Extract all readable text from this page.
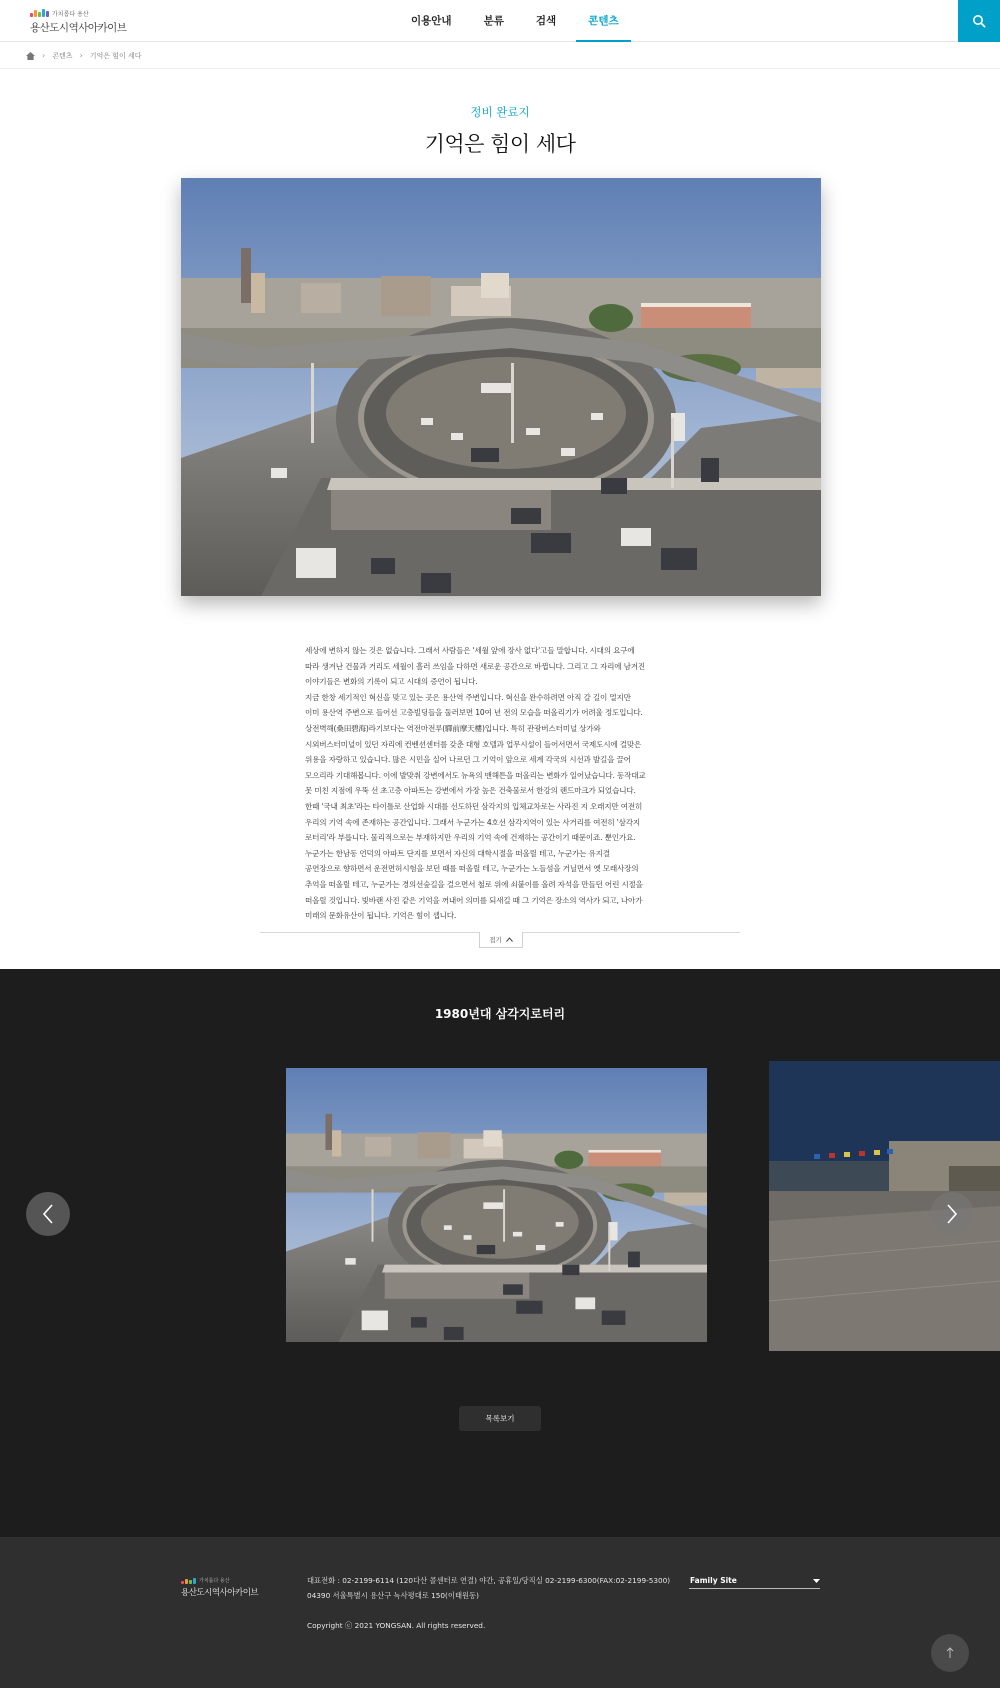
가치롭다 용산
용산도시역사아카이브
이용안내	분류	검색	콘텐츠
› 콘텐츠 › 기억은 힘이 세다
정비 완료지
기억은 힘이 세다
세상에 변하지 않는 것은 없습니다. 그래서 사람들은 '세월 앞에 장사 없다'고들 말합니다. 시대의 요구에
따라 생겨난 건물과 거리도 세월이 흘러 쓰임을 다하면 새로운 공간으로 바뀝니다. 그리고 그 자리에 남겨진
이야기들은 변화의 기록이 되고 시대의 증언이 됩니다.
지금 한창 세기적인 혁신을 맞고 있는 곳은 용산역 주변입니다. 혁신을 완수하려면 아직 갈 길이 멀지만
이미 용산역 주변으로 들어선 고층빌딩들을 둘러보면 10여 년 전의 모습을 떠올리기가 어려울 정도입니다.
상전벽해(桑田碧海)라기보다는 역전마전루(驛前摩天樓)입니다. 특히 관광버스터미널 상가와
시외버스터미널이 있던 자리에 컨벤션센터를 갖춘 대형 호텔과 업무시설이 들어서면서 국제도시에 걸맞은
위용을 자랑하고 있습니다. 많은 시민을 실어 나르던 그 기억이 앞으로 세계 각국의 시선과 발길을 끌어
모으리라 기대해봅니다. 이에 발맞춰 강변에서도 뉴욕의 맨해튼을 떠올리는 변화가 일어났습니다. 동작대교
못 미친 지점에 우뚝 선 초고층 아파트는 강변에서 가장 높은 건축물로서 한강의 랜드마크가 되었습니다.
한때 '국내 최초'라는 타이틀로 산업화 시대를 선도하던 삼각지의 입체교차로는 사라진 지 오래지만 여전히
우리의 기억 속에 존재하는 공간입니다. 그래서 누군가는 4호선 삼각지역이 있는 사거리를 여전히 '삼각지
로터리'라 부릅니다. 물리적으로는 부재하지만 우리의 기억 속에 건재하는 공간이기 때문이죠. 뿐인가요.
누군가는 한남동 언덕의 아파트 단지를 보면서 자신의 대학시절을 떠올릴 테고, 누군가는 유지결
공연장으로 향하면서 운전면허시험을 보던 때를 떠올릴 테고, 누군가는 노들섬을 거닐면서 옛 모래사장의
추억을 떠올릴 테고, 누군가는 경의선숲길을 걸으면서 철로 위에 쇠붙이를 올려 자석을 만들던 어린 시절을
떠올릴 것입니다. 빛바랜 사진 같은 기억을 꺼내어 의미를 되새길 때 그 기억은 장소의 역사가 되고, 나아가
미래의 문화유산이 됩니다. 기억은 힘이 셉니다.
접기
1980년대 삼각지로터리
목록보기
가치롭다 용산
용산도시역사아카이브
대표전화 : 02-2199-6114 (120다산 콜센터로 연결) 야간, 공휴일/당직실 02-2199-6300(FAX:02-2199-5300)
04390 서울특별시 용산구 녹사평대로 150(이태원동)
Copyright ⓒ 2021 YONGSAN. All rights reserved.
Family Site
